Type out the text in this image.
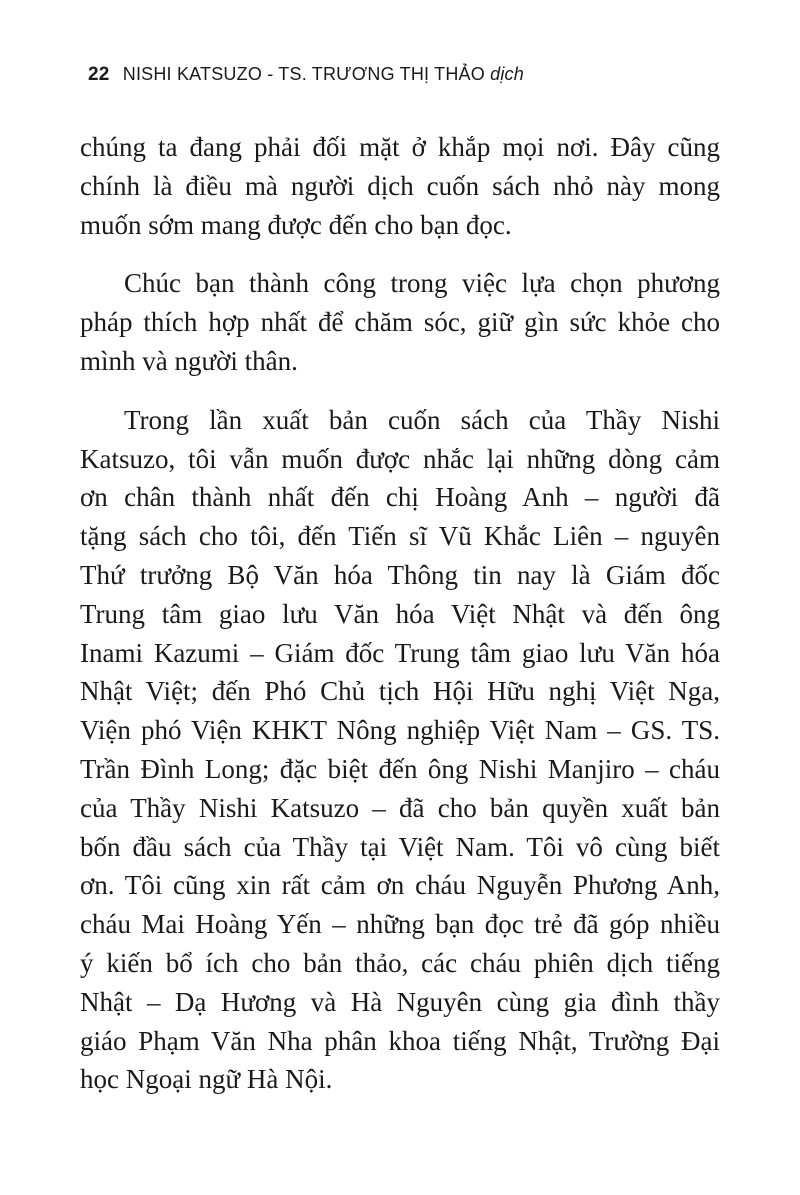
22 NISHI KATSUZO - TS. TRƯƠNG THỊ THẢO dịch

chúng ta đang phải đối mặt ở khắp mọi nơi. Đây cũng
chính là điều mà người dịch cuốn sách nhỏ này mong
muốn sớm mang được đến cho bạn đọc.

Chúc bạn thành công trong việc lựa chọn phương
pháp thích hợp nhất để chăm sóc, giữ gìn sức khỏe cho
mình và người thân.

Trong lần xuất bản cuốn sách của Thầy Nishi
Katsuzo, tôi vẫn muốn được nhắc lại những dòng cảm
ơn chân thành nhất đến chị Hoàng Anh – người đã
tặng sách cho tôi, đến Tiến sĩ Vũ Khắc Liên – nguyên
Thứ trưởng Bộ Văn hóa Thông tin nay là Giám đốc
Trung tâm giao lưu Văn hóa Việt Nhật và đến ông
Inami Kazumi – Giám đốc Trung tâm giao lưu Văn hóa
Nhật Việt; đến Phó Chủ tịch Hội Hữu nghị Việt Nga,
Viện phó Viện KHKT Nông nghiệp Việt Nam – GS. TS.
Trần Đình Long; đặc biệt đến ông Nishi Manjiro – cháu
của Thầy Nishi Katsuzo – đã cho bản quyền xuất bản
bốn đầu sách của Thầy tại Việt Nam. Tôi vô cùng biết
ơn. Tôi cũng xin rất cảm ơn cháu Nguyễn Phương Anh,
cháu Mai Hoàng Yến – những bạn đọc trẻ đã góp nhiều
ý kiến bổ ích cho bản thảo, các cháu phiên dịch tiếng
Nhật – Dạ Hương và Hà Nguyên cùng gia đình thầy
giáo Phạm Văn Nha phân khoa tiếng Nhật, Trường Đại
học Ngoại ngữ Hà Nội.
